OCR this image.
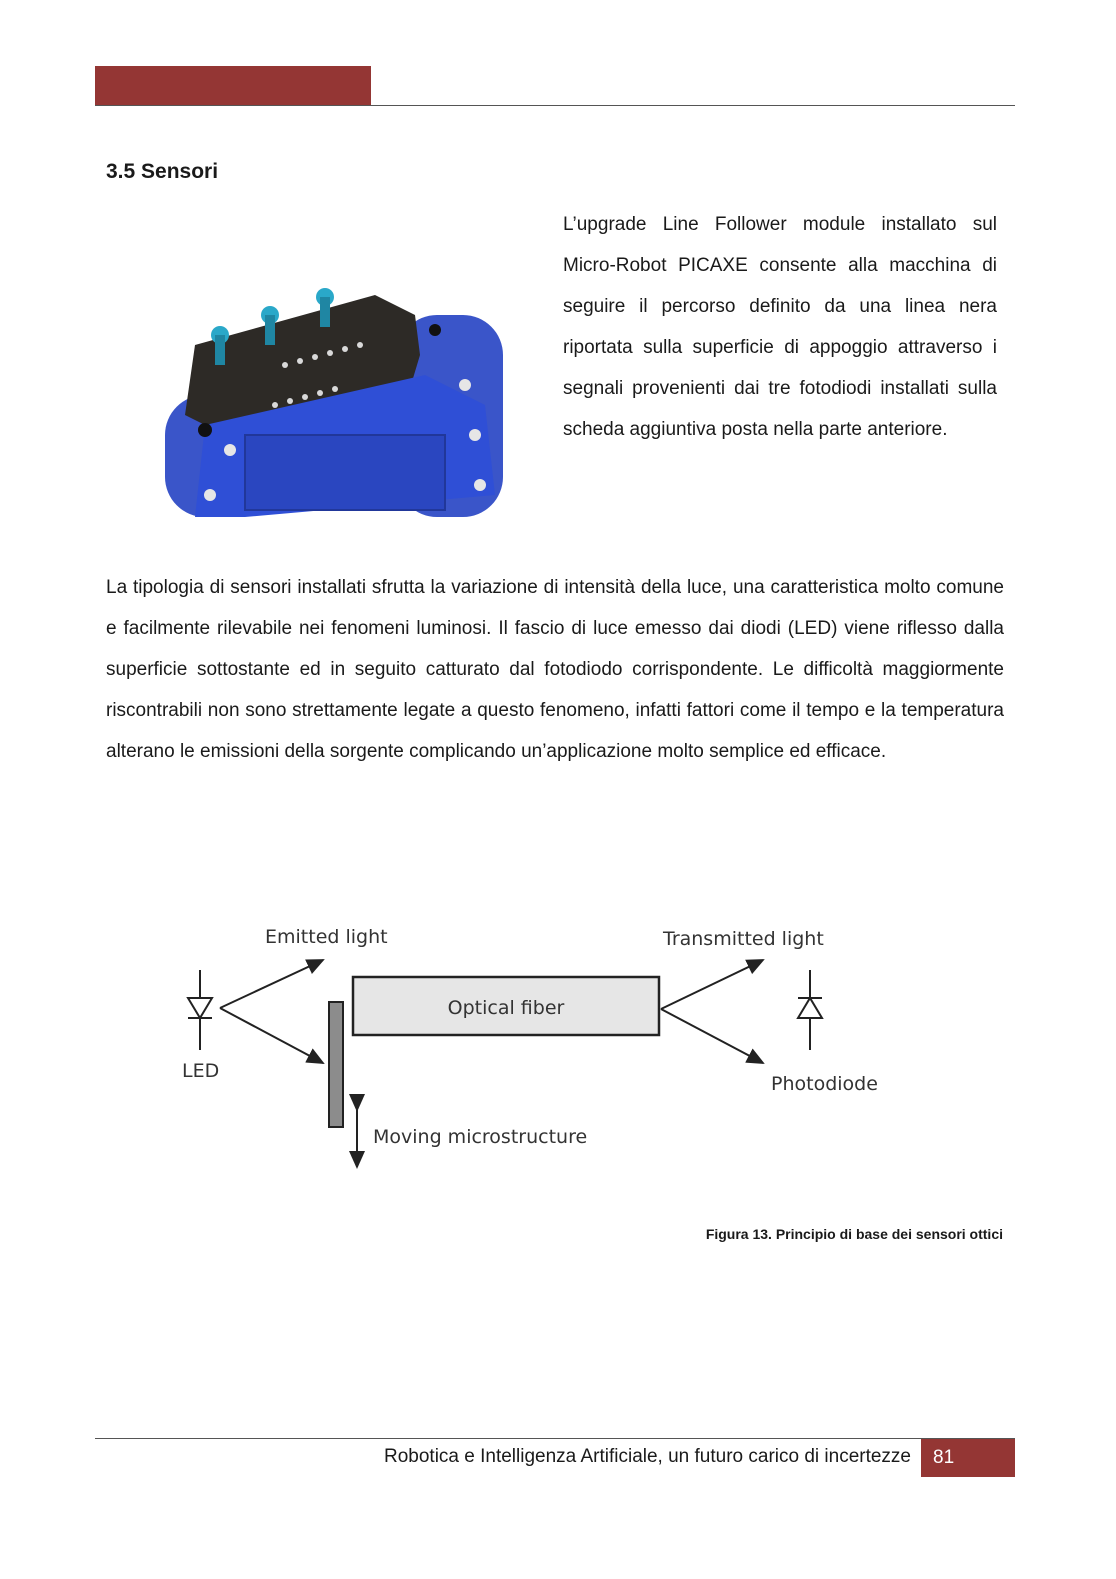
3.5 Sensori

L’upgrade Line Follower module installato sul Micro-Robot PICAXE consente alla macchina di seguire il percorso definito da una linea nera riportata sulla superficie di appoggio attraverso i segnali provenienti dai tre fotodiodi installati sulla scheda aggiuntiva posta nella parte anteriore.

La tipologia di sensori installati sfrutta la variazione di intensità della luce, una caratteristica molto comune e facilmente rilevabile nei fenomeni luminosi. Il fascio di luce emesso dai diodi (LED) viene riflesso dalla superficie sottostante ed in seguito catturato dal fotodiodo corrispondente. Le difficoltà maggiormente riscontrabili non sono strettamente legate a questo fenomeno, infatti fattori come il tempo e la temperatura alterano le emissioni della sorgente complicando un’applicazione molto semplice ed efficace.

LED
Emitted light
Moving microstructure
Optical fiber
Transmitted light
Photodiode
Figura 13. Principio di base dei sensori ottici
Robotica e Intelligenza Artificiale, un futuro carico di incertezze 81
